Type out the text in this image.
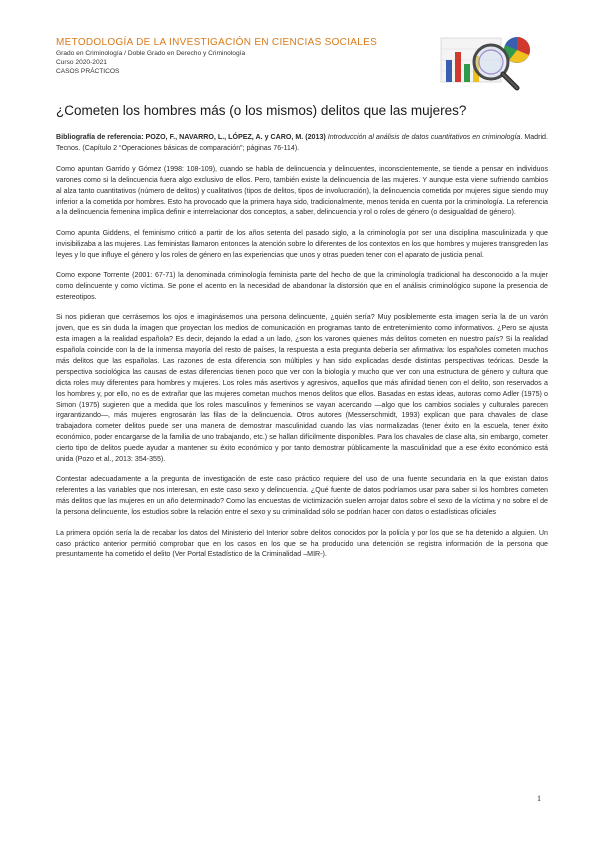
METODOLOGÍA DE LA INVESTIGACIÓN EN CIENCIAS SOCIALES
Grado en Criminología / Doble Grado en Derecho y Criminología
Curso 2020-2021
CASOS PRÁCTICOS
¿Cometen los hombres más (o los mismos) delitos que las mujeres?

Bibliografía de referencia: POZO, F., NAVARRO, L., LÓPEZ, A. y CARO, M. (2013) Introducción al análisis de datos cuantitativos en criminología. Madrid. Tecnos. (Capítulo 2 “Operaciones básicas de comparación”; páginas 76-114).

Como apuntan Garrido y Gómez (1998: 108-109), cuando se habla de delincuencia y delincuentes, inconscientemente, se tiende a pensar en individuos varones como si la delincuencia fuera algo exclusivo de ellos. Pero, también existe la delincuencia de las mujeres. Y aunque esta viene sufriendo cambios al alza tanto cuantitativos (número de delitos) y cualitativos (tipos de delitos, tipos de involucración), la delincuencia cometida por mujeres sigue siendo muy inferior a la cometida por hombres. Esto ha provocado que la primera haya sido, tradicionalmente, menos tenida en cuenta por la criminología. La referencia a la delincuencia femenina implica definir e interrelacionar dos conceptos, a saber, delincuencia y rol o roles de género (o desigualdad de género).

Como apunta Giddens, el feminismo criticó a partir de los años setenta del pasado siglo, a la criminología por ser una disciplina masculinizada y que invisibilizaba a las mujeres. Las feministas llamaron entonces la atención sobre lo diferentes de los contextos en los que hombres y mujeres transgreden las leyes y lo que influye el género y los roles de género en las experiencias que unos y otras pueden tener con el aparato de justicia penal.

Como expone Torrente (2001: 67-71) la denominada criminología feminista parte del hecho de que la criminología tradicional ha desconocido a la mujer como delincuente y como víctima. Se pone el acento en la necesidad de abandonar la distorsión que en el análisis criminológico supone la presencia de estereotipos.

Si nos pidieran que cerrásemos los ojos e imaginásemos una persona delincuente, ¿quién sería? Muy posiblemente esta imagen sería la de un varón joven, que es sin duda la imagen que proyectan los medios de comunicación en programas tanto de entretenimiento como informativos. ¿Pero se ajusta esta imagen a la realidad española? Es decir, dejando la edad a un lado, ¿son los varones quienes más delitos cometen en nuestro país? Si la realidad española coincide con la de la inmensa mayoría del resto de países, la respuesta a esta pregunta debería ser afirmativa: los españoles cometen muchos más delitos que las españolas. Las razones de esta diferencia son múltiples y han sido explicadas desde distintas perspectivas teóricas. Desde la perspectiva sociológica las causas de estas diferencias tienen poco que ver con la biología y mucho que ver con una estructura de género y cultura que dicta roles muy diferentes para hombres y mujeres. Los roles más asertivos y agresivos, aquellos que más afinidad tienen con el delito, son reservados a los hombres y, por ello, no es de extrañar que las mujeres cometan muchos menos delitos que ellos. Basadas en estas ideas, autoras como Adler (1975) o Simon (1975) sugieren que a medida que los roles masculinos y femeninos se vayan acercando —algo que los cambios sociales y culturales parecen irgarantizando—, más mujeres engrosarán las filas de la delincuencia. Otros autores (Messerschmidt, 1993) explican que para chavales de clase trabajadora cometer delitos puede ser una manera de demostrar masculinidad cuando las vías normalizadas (tener éxito en la escuela, tener éxito económico, poder encargarse de la familia de uno trabajando, etc.) se hallan difícilmente disponibles. Para los chavales de clase alta, sin embargo, cometer cierto tipo de delitos puede ayudar a mantener su éxito económico y por tanto demostrar públicamente la masculinidad que a ese éxito económico está unida (Pozo et al., 2013: 354-355).

Contestar adecuadamente a la pregunta de investigación de este caso práctico requiere del uso de una fuente secundaria en la que existan datos referentes a las variables que nos interesan, en este caso sexo y delincuencia. ¿Qué fuente de datos podríamos usar para saber si los hombres cometen más delitos que las mujeres en un año determinado? Como las encuestas de victimización suelen arrojar datos sobre el sexo de la víctima y no sobre el de la persona delincuente, los estudios sobre la relación entre el sexo y su criminalidad sólo se podrían hacer con datos o estadísticas oficiales

La primera opción sería la de recabar los datos del Ministerio del Interior sobre delitos conocidos por la policía y por los que se ha detenido a alguien. Un caso práctico anterior permitió comprobar que en los casos en los que se ha producido una detención se registra información de la persona que presuntamente ha cometido el delito (Ver Portal Estadístico de la Criminalidad –MIR-).

1
